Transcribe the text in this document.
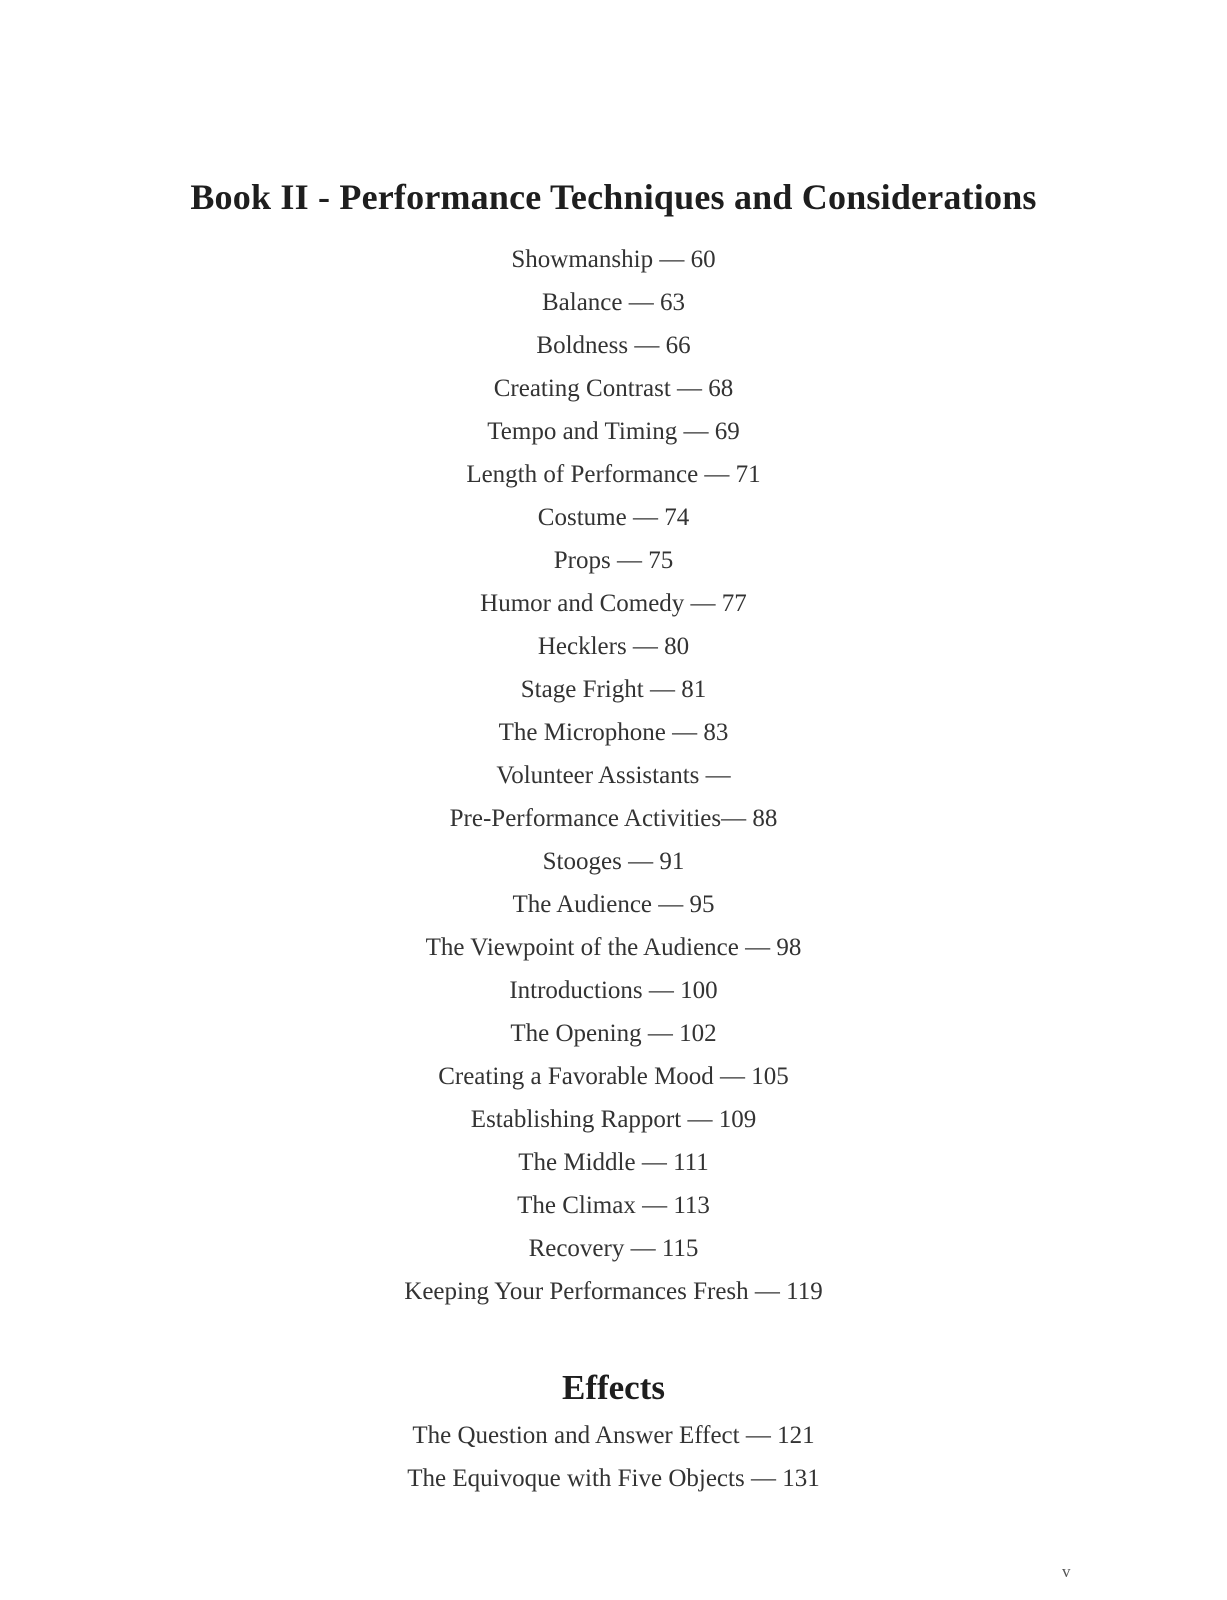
Book II - Performance Techniques and Considerations
Showmanship — 60
Balance — 63
Boldness — 66
Creating Contrast — 68
Tempo and Timing — 69
Length of Performance — 71
Costume — 74
Props — 75
Humor and Comedy — 77
Hecklers — 80
Stage Fright — 81
The Microphone — 83
Volunteer Assistants —
Pre-Performance Activities— 88
Stooges — 91
The Audience — 95
The Viewpoint of the Audience — 98
Introductions — 100
The Opening — 102
Creating a Favorable Mood — 105
Establishing Rapport — 109
The Middle — 111
The Climax — 113
Recovery — 115
Keeping Your Performances Fresh — 119
Effects
The Question and Answer Effect — 121
The Equivoque with Five Objects — 131
v
